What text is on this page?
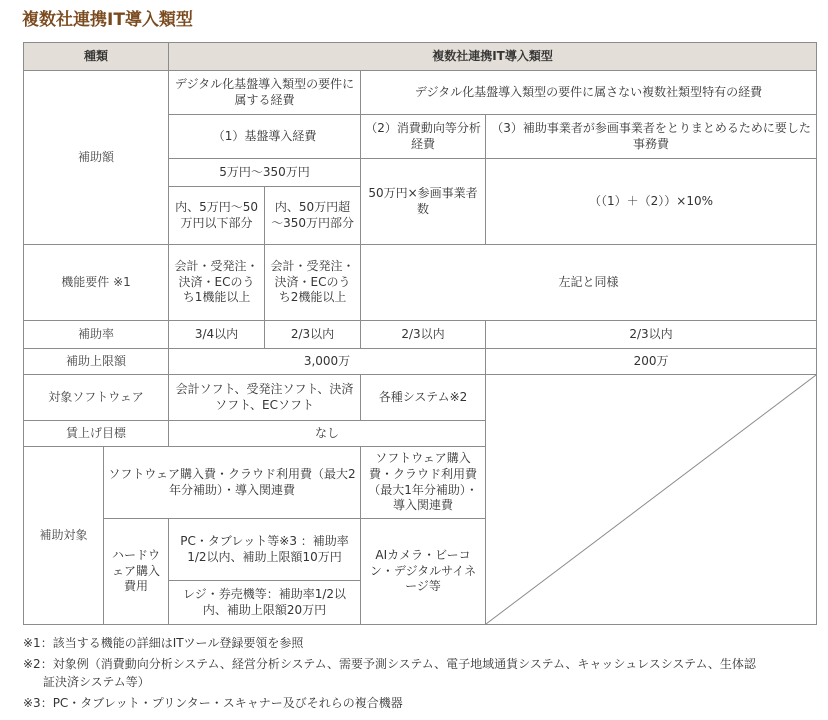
複数社連携IT導入類型
種類		複数社連携IT導入類型			
補助額		デジタル化基盤導入類型の要件に属する経費		デジタル化基盤導入類型の要件に属さない複数社類型特有の経費	
		（1）基盤導入経費		（2）消費動向等分析経費	（3）補助事業者が参画事業者をとりまとめるために要した事務費
		5万円～350万円		50万円×参画事業者数	（（1）＋（2））×10%
		内、5万円～50万円以下部分	内、50万円超～350万円部分		

機能要件 ※1		会計・受発注・決済・ECのうち1機能以上	会計・受発注・決済・ECのうち2機能以上	左記と同様	
補助率		3/4以内	2/3以内	2/3以内	2/3以内
補助上限額		3,000万			200万
対象ソフトウェア		会計ソフト、受発注ソフト、決済ソフト、ECソフト		各種システム※2	

賃上げ目標		なし			
補助対象	ソフトウェア購入費・クラウド利用費（最大2年分補助）・導入関連費			ソフトウェア購入費・クラウド利用費（最大1年分補助）・導入関連費	
	ハードウェア購入費用	PC・タブレット等※3 ：補助率1/2以内、補助上限額10万円		AIカメラ・ビーコン・デジタルサイネージ等	
		レジ・券売機等：補助率1/2以内、補助上限額20万円			

※1：該当する機能の詳細はITツール登録要領を参照

※2：対象例（消費動向分析システム、経営分析システム、需要予測システム、電子地域通貨システム、キャッシュレスシステム、生体認
証決済システム等）

※3：PC・タブレット・プリンター・スキャナー及びそれらの複合機器
